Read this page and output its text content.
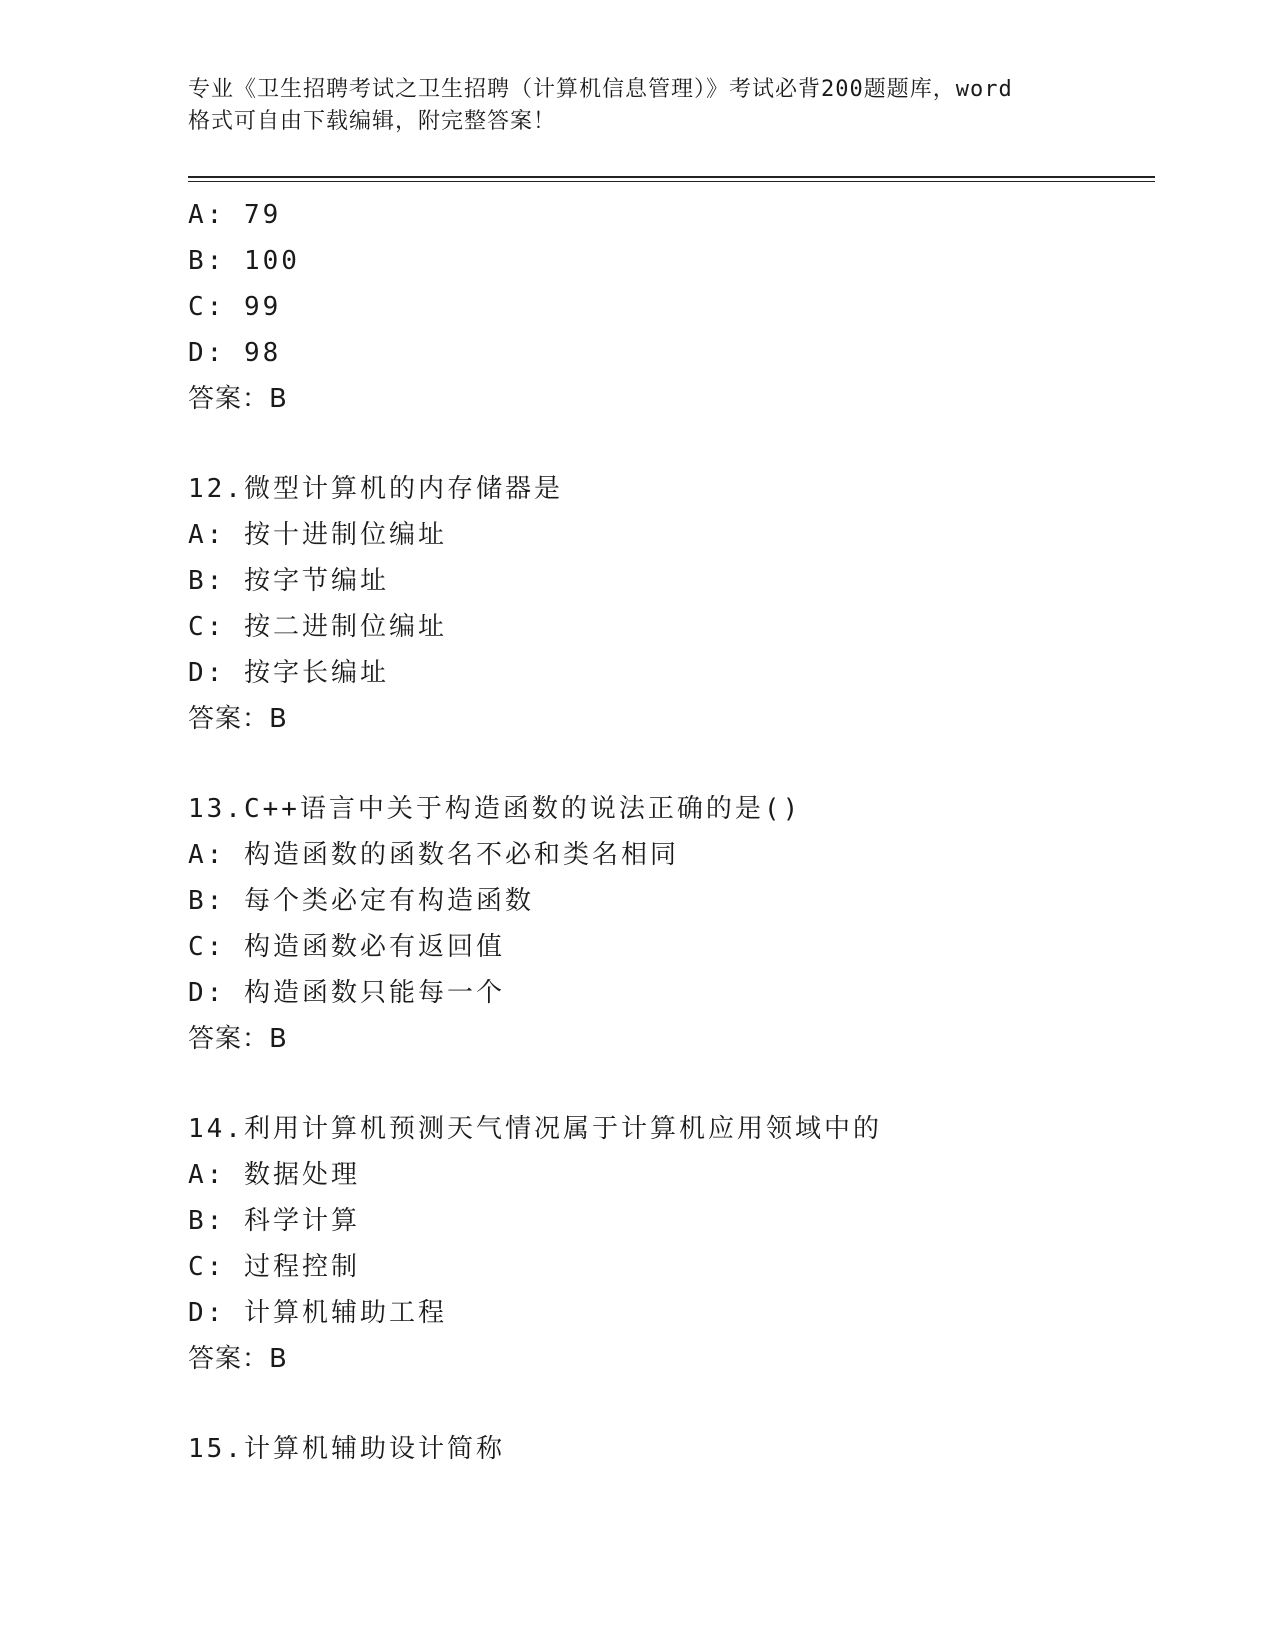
专业《卫生招聘考试之卫生招聘（计算机信息管理）》考试必背200题题库，word
格式可自由下载编辑，附完整答案！
A: 79
B: 100
C: 99
D: 98
答案：B
12.微型计算机的内存储器是
A: 按十进制位编址
B: 按字节编址
C: 按二进制位编址
D: 按字长编址
答案：B
13.C++语言中关于构造函数的说法正确的是()
A: 构造函数的函数名不必和类名相同
B: 每个类必定有构造函数
C: 构造函数必有返回值
D: 构造函数只能每一个
答案：B
14.利用计算机预测天气情况属于计算机应用领域中的
A: 数据处理
B: 科学计算
C: 过程控制
D: 计算机辅助工程
答案：B
15.计算机辅助设计简称
